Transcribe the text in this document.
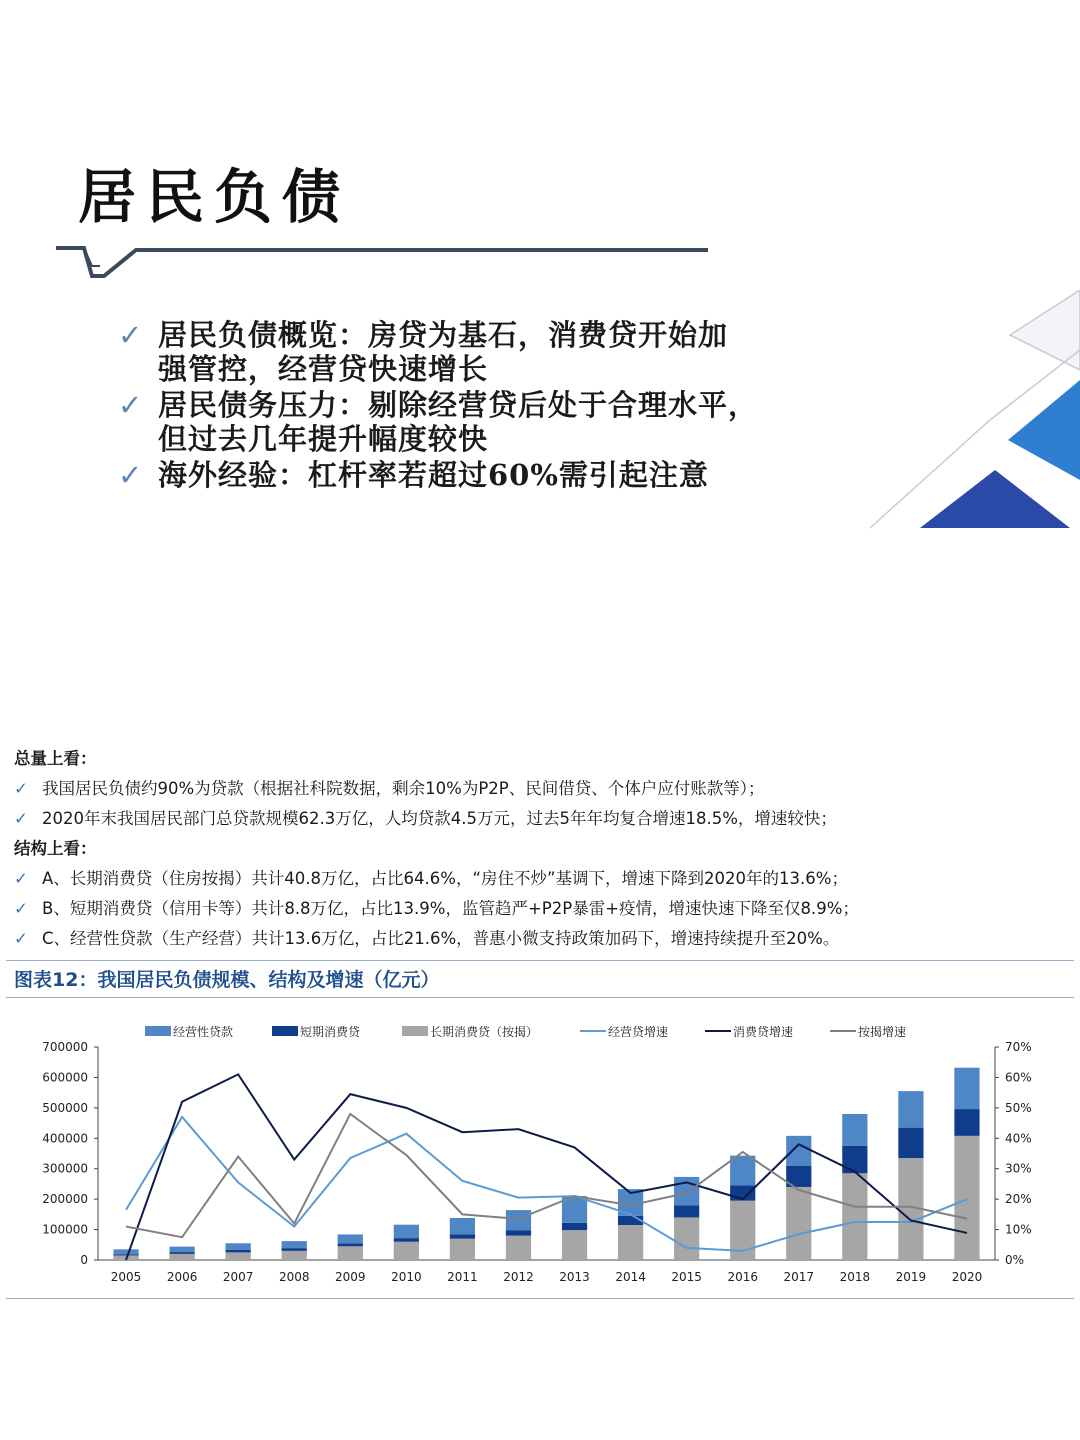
居民负债
✓ 居民负债概览：房贷为基石，消费贷开始加
强管控，经营贷快速增长
✓ 居民债务压力：剔除经营贷后处于合理水平，
但过去几年提升幅度较快
✓ 海外经验：杠杆率若超过60%需引起注意
总量上看：
✓ 我国居民负债约90%为贷款（根据社科院数据，剩余10%为P2P、民间借贷、个体户应付账款等）；
✓ 2020年末我国居民部门总贷款规模62.3万亿，人均贷款4.5万元，过去5年年均复合增速18.5%，增速较快；
结构上看：
✓ A、长期消费贷（住房按揭）共计40.8万亿，占比64.6%，“房住不炒”基调下，增速下降到2020年的13.6%；
✓ B、短期消费贷（信用卡等）共计8.8万亿，占比13.9%，监管趋严+P2P暴雷+疫情，增速快速下降至仅8.9%；
✓ C、经营性贷款（生产经营）共计13.6万亿，占比21.6%，普惠小微支持政策加码下，增速持续提升至20%。
图表12：我国居民负债规模、结构及增速（亿元）
0
100000
200000
300000
400000
500000
600000
700000
0%
10%
20%
30%
40%
50%
60%
70%
2005 2006 2007 2008 2009 2010 2011 2012 2013 2014 2015 2016 2017 2018 2019 2020
经营性贷款	短期消费贷	长期消费贷（按揭）	经营贷增速	消费贷增速	按揭增速
